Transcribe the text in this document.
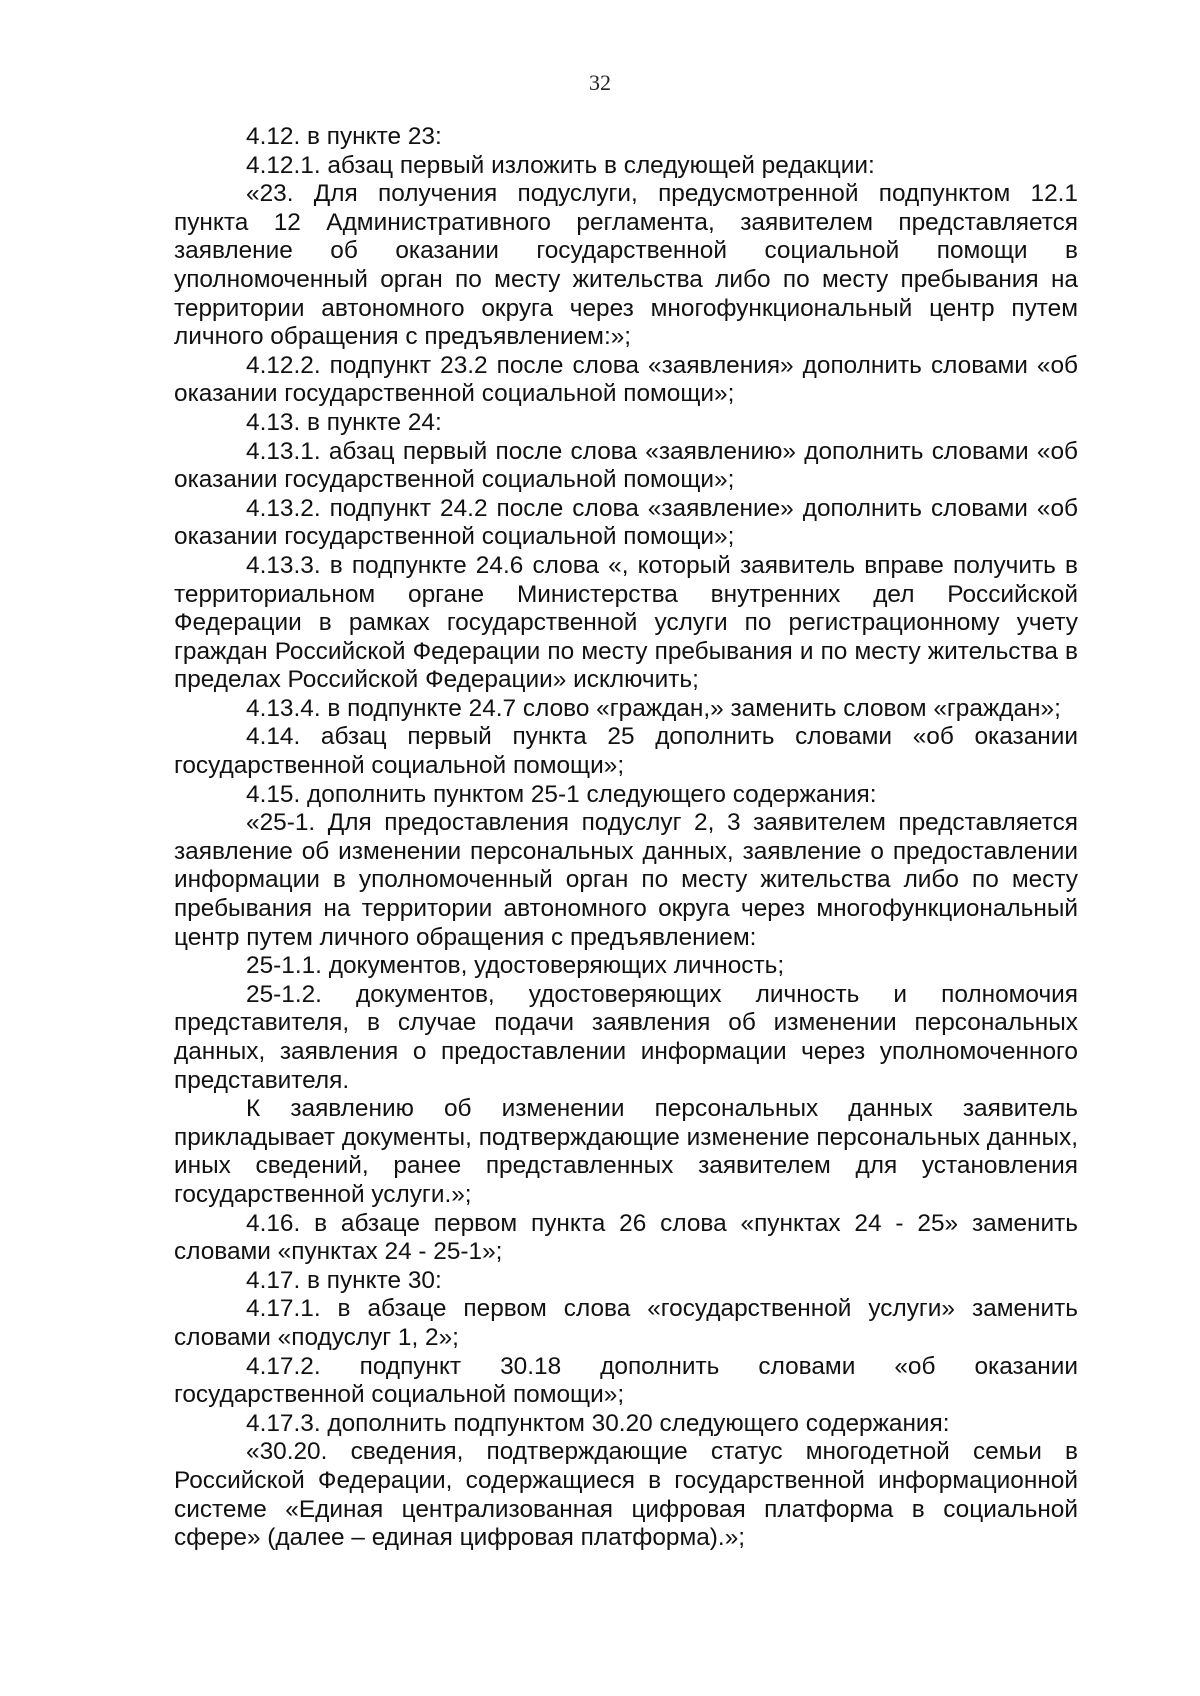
32

4.12. в пункте 23:

4.12.1. абзац первый изложить в следующей редакции:

«23. Для получения подуслуги, предусмотренной подпунктом 12.1 пункта 12 Административного регламента, заявителем представляется заявление об оказании государственной социальной помощи в уполномоченный орган по месту жительства либо по месту пребывания на территории автономного округа через многофункциональный центр путем личного обращения с предъявлением:»;

4.12.2. подпункт 23.2 после слова «заявления» дополнить словами «об оказании государственной социальной помощи»;

4.13. в пункте 24:

4.13.1. абзац первый после слова «заявлению» дополнить словами «об оказании государственной социальной помощи»;

4.13.2. подпункт 24.2 после слова «заявление» дополнить словами «об оказании государственной социальной помощи»;

4.13.3. в подпункте 24.6 слова «, который заявитель вправе получить в территориальном органе Министерства внутренних дел Российской Федерации в рамках государственной услуги по регистрационному учету граждан Российской Федерации по месту пребывания и по месту жительства в пределах Российской Федерации» исключить;

4.13.4. в подпункте 24.7 слово «граждан,» заменить словом «граждан»;

4.14. абзац первый пункта 25 дополнить словами «об оказании государственной социальной помощи»;

4.15. дополнить пунктом 25-1 следующего содержания:

«25-1. Для предоставления подуслуг 2, 3 заявителем представляется заявление об изменении персональных данных, заявление о предоставлении информации в уполномоченный орган по месту жительства либо по месту пребывания на территории автономного округа через многофункциональный центр путем личного обращения с предъявлением:

25-1.1. документов, удостоверяющих личность;

25-1.2. документов, удостоверяющих личность и полномочия представителя, в случае подачи заявления об изменении персональных данных, заявления о предоставлении информации через уполномоченного представителя.

К заявлению об изменении персональных данных заявитель прикладывает документы, подтверждающие изменение персональных данных, иных сведений, ранее представленных заявителем для установления государственной услуги.»;

4.16. в абзаце первом пункта 26 слова «пунктах 24 - 25» заменить словами «пунктах 24 - 25-1»;

4.17. в пункте 30:

4.17.1. в абзаце первом слова «государственной услуги» заменить словами «подуслуг 1, 2»;

4.17.2. подпункт 30.18 дополнить словами «об оказании государственной социальной помощи»;

4.17.3. дополнить подпунктом 30.20 следующего содержания:

«30.20. сведения, подтверждающие статус многодетной семьи в Российской Федерации, содержащиеся в государственной информационной системе «Единая централизованная цифровая платформа в социальной сфере» (далее – единая цифровая платформа).»;
